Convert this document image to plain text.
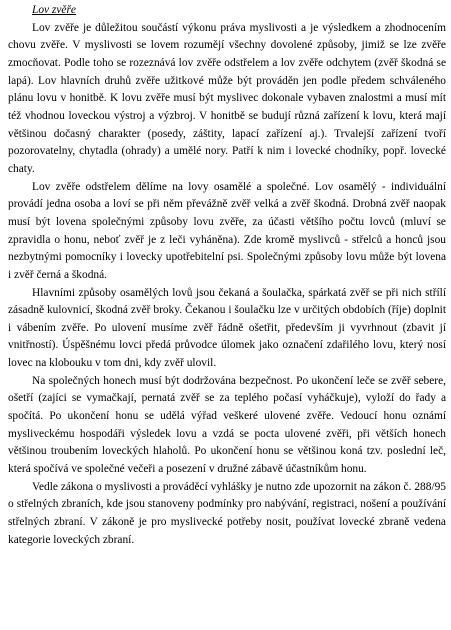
Lov zvěře

Lov zvěře je důležitou součástí výkonu práva myslivosti a je výsledkem a zhodnocením chovu zvěře. V myslivosti se lovem rozumějí všechny dovolené způsoby, jimiž se lze zvěře zmocňovat. Podle toho se rozeznává lov zvěře odstřelem a lov zvěře odchytem (zvěř škodná se lapá). Lov hlavních druhů zvěře užitkové může být prováděn jen podle předem schváleného plánu lovu v honitbě. K lovu zvěře musí být myslivec dokonale vybaven znalostmi a musí mít též vhodnou loveckou výstroj a výzbroj. V honitbě se budují různá zařízení k lovu, která mají většinou dočasný charakter (posedy, záštity, lapací zařízení aj.). Trvalejší zařízení tvoří pozorovatelny, chytadla (ohrady) a umělé nory. Patří k nim i lovecké chodníky, popř. lovecké chaty.

Lov zvěře odstřelem dělíme na lovy osamělé a společné. Lov osamělý - individuální provádí jedna osoba a loví se při něm převážně zvěř velká a zvěř škodná. Drobná zvěř naopak musí být lovena společnými způsoby lovu zvěře, za účasti většího počtu lovců (mluví se zpravidla o honu, neboť zvěř je z leči vyháněna). Zde kromě myslivců - střelců a honců jsou nezbytnými pomocníky i lovecky upotřebitelní psi. Společnými způsoby lovu může být lovena i zvěř černá a škodná.

Hlavními způsoby osamělých lovů jsou čekaná a šoulačka, spárkatá zvěř se při nich střílí zásadně kulovnicí, škodná zvěř broky. Čekanou i šoulačku lze v určitých obdobích (říje) doplnit i vábením zvěře. Po ulovení musíme zvěř řádně ošetřit, především ji vyvrhnout (zbavit jí vnitřností). Úspěšnému lovci předá průvodce úlomek jako označení zdařilého lovu, který nosí lovec na klobouku v tom dni, kdy zvěř ulovil.

Na společných honech musí být dodržována bezpečnost. Po ukončení leče se zvěř sebere, ošetří (zajíci se vymačkají, pernatá zvěř se za teplého počasí vyháčkuje), vyloží do řady a spočítá. Po ukončení honu se udělá výřad veškeré ulovené zvěře. Vedoucí honu oznámí mysliveckému hospodáři výsledek lovu a vzdá se pocta ulovené zvěři, při větších honech většinou troubením loveckých hlaholů. Po ukončení honu se většinou koná tzv. poslední leč, která spočívá ve společné večeři a posezení v družné zábavě účastníkům honu.

Vedle zákona o myslivosti a prováděcí vyhlášky je nutno zde upozornit na zákon č. 288/95 o střelných zbraních, kde jsou stanoveny podmínky pro nabývání, registraci, nošení a používání střelných zbraní. V zákoně je pro myslivecké potřeby nosit, používat lovecké zbraně vedena kategorie loveckých zbraní.
